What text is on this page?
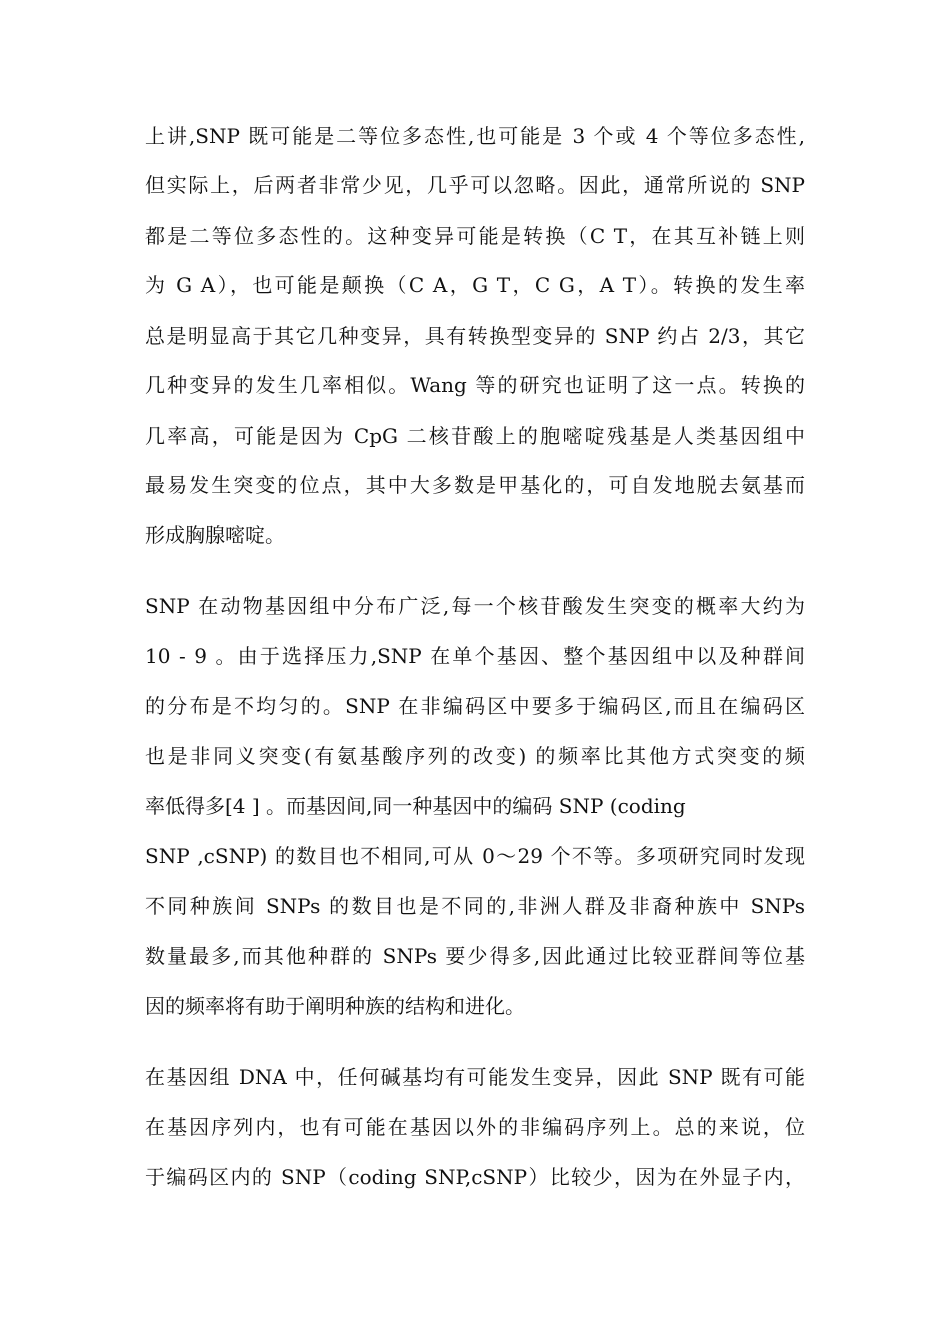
上讲,SNP 既可能是二等位多态性,也可能是 3 个或 4 个等位多态性,
但实际上，后两者非常少见，几乎可以忽略。因此，通常所说的 SNP
都是二等位多态性的。这种变异可能是转换（C T，在其互补链上则
为 G A），也可能是颠换（C A，G T，C G，A T）。转换的发生率
总是明显高于其它几种变异，具有转换型变异的 SNP 约占 2/3，其它
几种变异的发生几率相似。Wang 等的研究也证明了这一点。转换的
几率高，可能是因为 CpG 二核苷酸上的胞嘧啶残基是人类基因组中
最易发生突变的位点，其中大多数是甲基化的，可自发地脱去氨基而
形成胸腺嘧啶。
SNP 在动物基因组中分布广泛,每一个核苷酸发生突变的概率大约为
10 - 9 。由于选择压力,SNP 在单个基因、整个基因组中以及种群间
的分布是不均匀的。SNP 在非编码区中要多于编码区,而且在编码区
也是非同义突变(有氨基酸序列的改变) 的频率比其他方式突变的频
率低得多[4 ] 。而基因间,同一种基因中的编码 SNP (coding
SNP ,cSNP) 的数目也不相同,可从 0～29 个不等。多项研究同时发现
不同种族间 SNPs 的数目也是不同的,非洲人群及非裔种族中 SNPs
数量最多,而其他种群的 SNPs 要少得多,因此通过比较亚群间等位基
因的频率将有助于阐明种族的结构和进化。
在基因组 DNA 中，任何碱基均有可能发生变异，因此 SNP 既有可能
在基因序列内，也有可能在基因以外的非编码序列上。总的来说，位
于编码区内的 SNP（coding SNP,cSNP）比较少，因为在外显子内，
